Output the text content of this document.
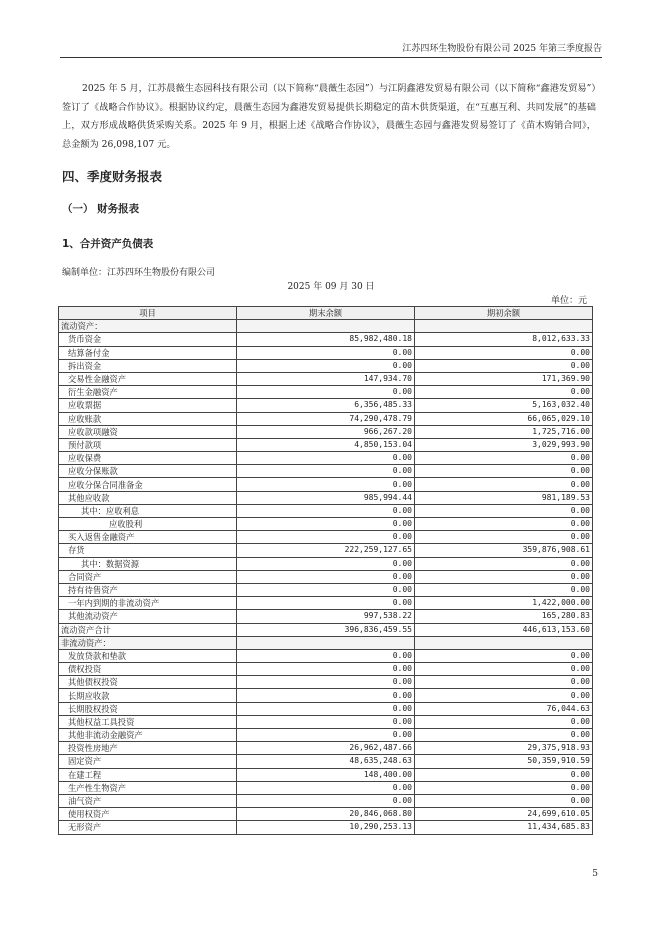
江苏四环生物股份有限公司 2025 年第三季度报告

2025 年 5 月，江苏晨薇生态园科技有限公司（以下简称“晨薇生态园”）与江阴鑫港发贸易有限公司（以下简称“鑫港发贸易”）签订了《战略合作协议》。根据协议约定，晨薇生态园为鑫港发贸易提供长期稳定的苗木供货渠道，在“互惠互利、共同发展”的基础上，双方形成战略供货采购关系。2025 年 9 月，根据上述《战略合作协议》，晨薇生态园与鑫港发贸易签订了《苗木购销合同》，总金额为 26,098,107 元。

四、季度财务报表
（一） 财务报表
1、合并资产负债表
编制单位：江苏四环生物股份有限公司
2025 年 09 月 30 日
单位：元
项目	期末余额	期初余额
流动资产：		
货币资金	85,982,480.18	8,012,633.33
结算备付金	0.00	0.00
拆出资金	0.00	0.00
交易性金融资产	147,934.70	171,369.90
衍生金融资产	0.00	0.00
应收票据	6,356,485.33	5,163,032.40
应收账款	74,290,478.79	66,065,029.10
应收款项融资	966,267.20	1,725,716.00
预付款项	4,850,153.04	3,029,993.90
应收保费	0.00	0.00
应收分保账款	0.00	0.00
应收分保合同准备金	0.00	0.00
其他应收款	985,994.44	981,189.53
其中：应收利息	0.00	0.00
应收股利	0.00	0.00
买入返售金融资产	0.00	0.00
存货	222,259,127.65	359,876,908.61
其中：数据资源	0.00	0.00
合同资产	0.00	0.00
持有待售资产	0.00	0.00
一年内到期的非流动资产	0.00	1,422,000.00
其他流动资产	997,538.22	165,280.83
流动资产合计	396,836,459.55	446,613,153.60
非流动资产：		
发放贷款和垫款	0.00	0.00
债权投资	0.00	0.00
其他债权投资	0.00	0.00
长期应收款	0.00	0.00
长期股权投资	0.00	76,044.63
其他权益工具投资	0.00	0.00
其他非流动金融资产	0.00	0.00
投资性房地产	26,962,487.66	29,375,918.93
固定资产	48,635,248.63	50,359,910.59
在建工程	148,400.00	0.00
生产性生物资产	0.00	0.00
油气资产	0.00	0.00
使用权资产	20,846,068.80	24,699,610.05
无形资产	10,290,253.13	11,434,685.83
5
